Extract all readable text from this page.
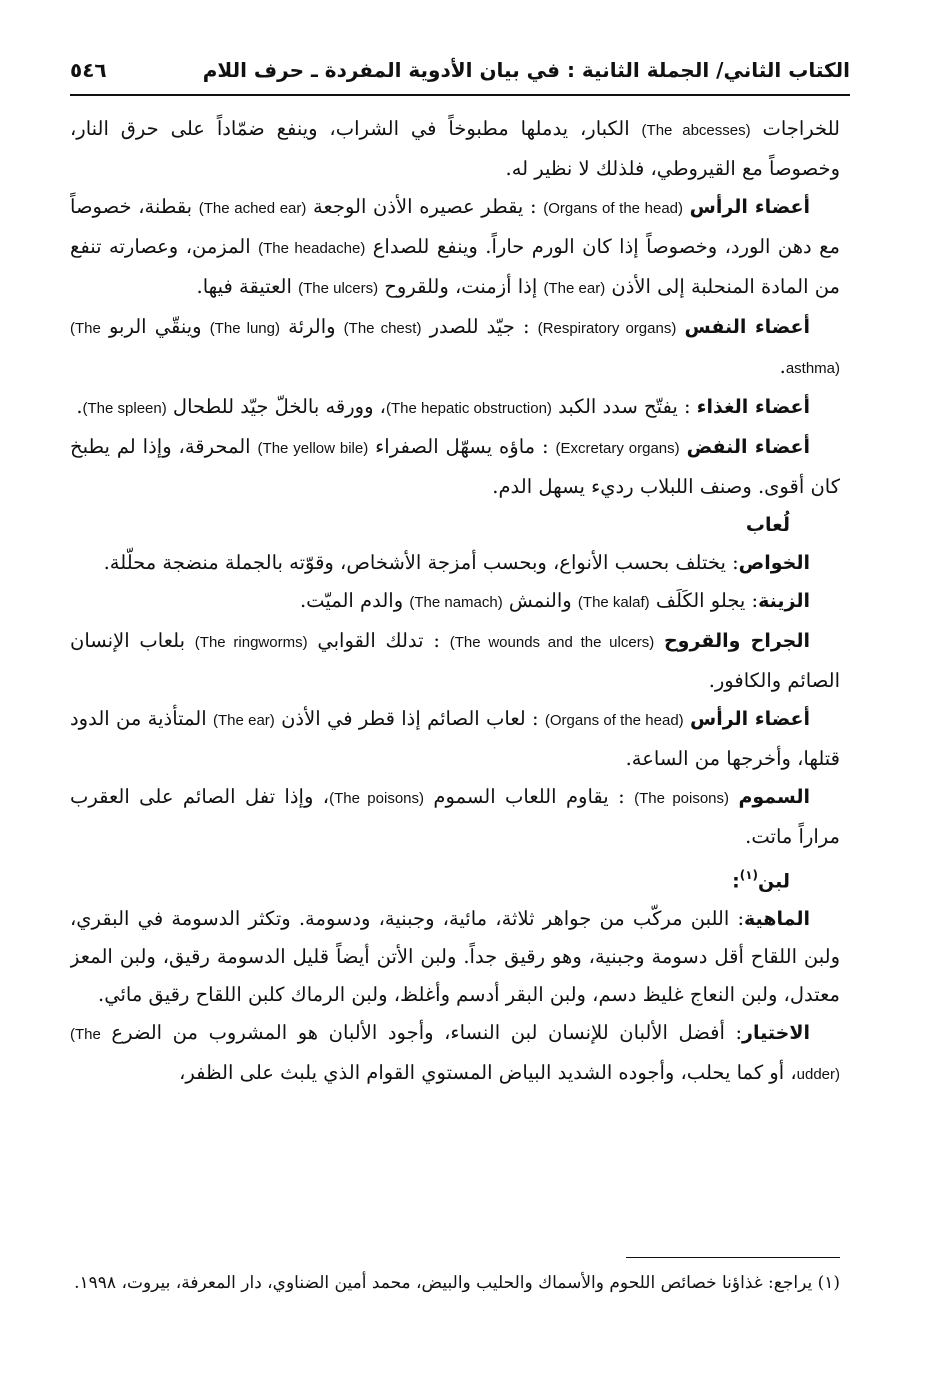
٥٤٦	الكتاب الثاني/ الجملة الثانية : في بيان الأدوية المفردة ـ حرف اللام

للخراجات (The abcesses) الكبار، يدملها مطبوخاً في الشراب، وينفع ضمّاداً على حرق النار، وخصوصاً مع القيروطي، فلذلك لا نظير له.

أعضاء الرأس (Organs of the head) : يقطر عصيره الأذن الوجعة (The ached ear) بقطنة، خصوصاً مع دهن الورد، وخصوصاً إذا كان الورم حاراً. وينفع للصداع (The headache) المزمن، وعصارته تنفع من المادة المنحلبة إلى الأذن (The ear) إذا أزمنت، وللقروح (The ulcers) العتيقة فيها.

أعضاء النفس (Respiratory organs) : جيّد للصدر (The chest) والرئة (The lung) وينقّي الربو (The asthma).

أعضاء الغذاء : يفتّح سدد الكبد (The hepatic obstruction)، وورقه بالخلّ جيّد للطحال (The spleen).

أعضاء النفض (Excretary organs) : ماؤه يسهّل الصفراء (The yellow bile) المحرقة، وإذا لم يطبخ كان أقوى. وصنف اللبلاب رديء يسهل الدم.

لُعاب

الخواص: يختلف بحسب الأنواع، وبحسب أمزجة الأشخاص، وقوّته بالجملة منضجة محلّلة.

الزينة: يجلو الكَلَف (The kalaf) والنمش (The namach) والدم الميّت.

الجراح والقروح (The wounds and the ulcers) : تدلك القوابي (The ringworms) بلعاب الإنسان الصائم والكافور.

أعضاء الرأس (Organs of the head) : لعاب الصائم إذا قطر في الأذن (The ear) المتأذية من الدود قتلها، وأخرجها من الساعة.

السموم (The poisons) : يقاوم اللعاب السموم (The poisons)، وإذا تفل الصائم على العقرب مراراً ماتت.

لبن$^{(١)}$:

الماهية: اللبن مركّب من جواهر ثلاثة، مائية، وجبنية، ودسومة. وتكثر الدسومة في البقري، ولبن اللقاح أقل دسومة وجبنية، وهو رقيق جداً. ولبن الأتن أيضاً قليل الدسومة رقيق، ولبن المعز معتدل، ولبن النعاج غليظ دسم، ولبن البقر أدسم وأغلظ، ولبن الرماك كلبن اللقاح رقيق مائي.

الاختيار: أفضل الألبان للإنسان لبن النساء، وأجود الألبان هو المشروب من الضرع (The udder)، أو كما يحلب، وأجوده الشديد البياض المستوي القوام الذي يلبث على الظفر،

(١) يراجع: غذاؤنا خصائص اللحوم والأسماك والحليب والبيض، محمد أمين الضناوي، دار المعرفة، بيروت، ١٩٩٨.
